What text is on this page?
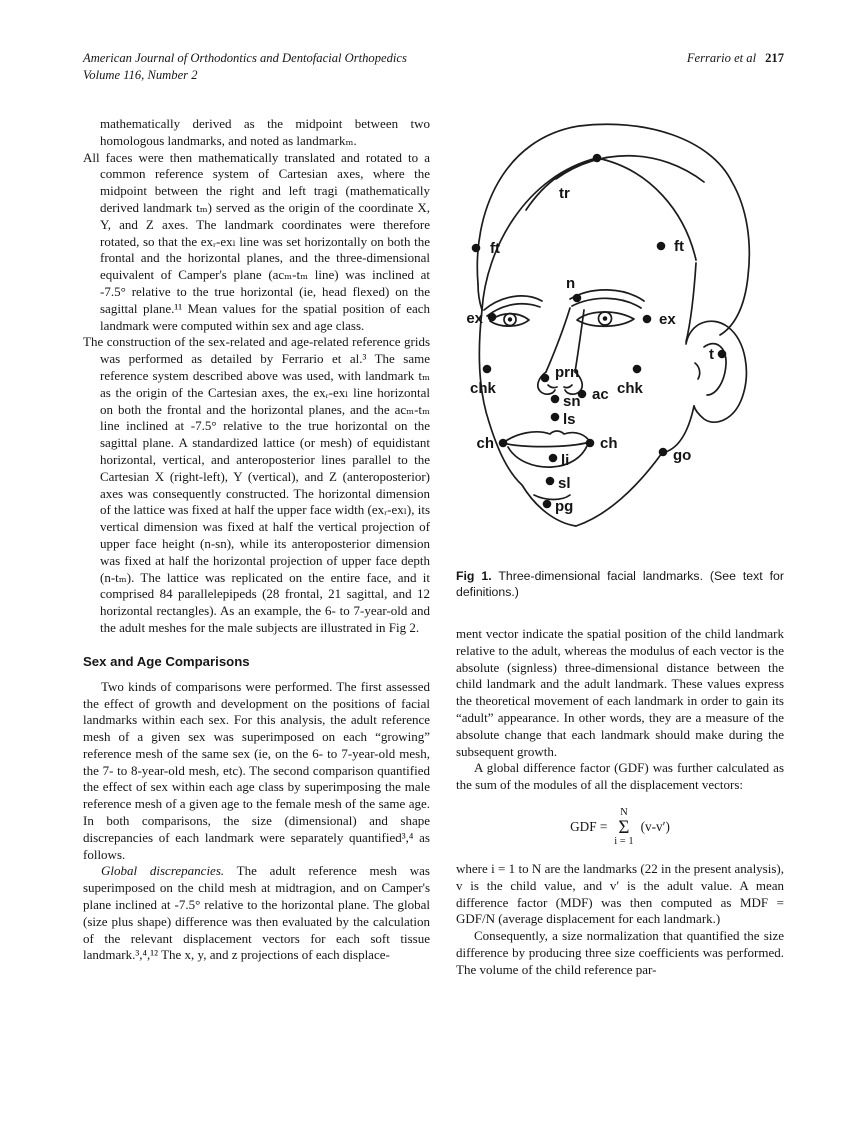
American Journal of Orthodontics and Dentofacial Orthopedics
Volume 116, Number 2
Ferrario et al 217

mathematically derived as the midpoint between two homologous landmarks, and noted as landmarkₘ.

All faces were then mathematically translated and rotated to a common reference system of Cartesian axes, where the midpoint between the right and left tragi (mathematically derived landmark tₘ) served as the origin of the coordinate X, Y, and Z axes. The landmark coordinates were therefore rotated, so that the exᵣ-exₗ line was set horizontally on both the frontal and the horizontal planes, and the three-dimensional equivalent of Camper's plane (acₘ-tₘ line) was inclined at -7.5° relative to the true horizontal (ie, head flexed) on the sagittal plane.¹¹ Mean values for the spatial position of each landmark were computed within sex and age class.

The construction of the sex-related and age-related reference grids was performed as detailed by Ferrario et al.³ The same reference system described above was used, with landmark tₘ as the origin of the Cartesian axes, the exᵣ-exₗ line horizontal on both the frontal and the horizontal planes, and the acₘ-tₘ line inclined at -7.5° relative to the true horizontal on the sagittal plane. A standardized lattice (or mesh) of equidistant horizontal, vertical, and anteroposterior lines parallel to the Cartesian X (right-left), Y (vertical), and Z (anteroposterior) axes was consequently constructed. The horizontal dimension of the lattice was fixed at half the upper face width (exᵣ-exₗ), its vertical dimension was fixed at half the vertical projection of upper face height (n-sn), while its anteroposterior dimension was fixed at half the horizontal projection of upper face depth (n-tₘ). The lattice was replicated on the entire face, and it comprised 84 parallelepipeds (28 frontal, 21 sagittal, and 12 horizontal rectangles). As an example, the 6- to 7-year-old and the adult meshes for the male subjects are illustrated in Fig 2.

Sex and Age Comparisons

Two kinds of comparisons were performed. The first assessed the effect of growth and development on the positions of facial landmarks within each sex. For this analysis, the adult reference mesh of a given sex was superimposed on each “growing” reference mesh of the same sex (ie, on the 6- to 7-year-old mesh, the 7- to 8-year-old mesh, etc). The second comparison quantified the effect of sex within each age class by superimposing the male reference mesh of a given age to the female mesh of the same age. In both comparisons, the size (dimensional) and shape discrepancies of each landmark were separately quantified³,⁴ as follows.

Global discrepancies. The adult reference mesh was superimposed on the child mesh at midtragion, and on Camper's plane inclined at -7.5° relative to the horizontal plane. The global (size plus shape) difference was then evaluated by the calculation of the relevant displacement vectors for each soft tissue landmark.³,⁴,¹² The x, y, and z projections of each displace-

tr
ft	ft
n
ex	ex
t
chk
prn
ac chk
sn
ls
ch	ch
go
li
sl
pg
Fig 1. Three-dimensional facial landmarks. (See text for definitions.)

ment vector indicate the spatial position of the child landmark relative to the adult, whereas the modulus of each vector is the absolute (signless) three-dimensional distance between the child landmark and the adult landmark. These values express the theoretical movement of each landmark in order to gain its “adult” appearance. In other words, they are a measure of the absolute change that each landmark should make during the subsequent growth.

A global difference factor (GDF) was further calculated as the sum of the modules of all the displacement vectors:

GDF =
N
Σ
i = 1
(v-v′)

where i = 1 to N are the landmarks (22 in the present analysis), v is the child value, and v′ is the adult value. A mean difference factor (MDF) was then computed as MDF = GDF/N (average displacement for each landmark.)

Consequently, a size normalization that quantified the size difference by producing three size coefficients was performed. The volume of the child reference par-
